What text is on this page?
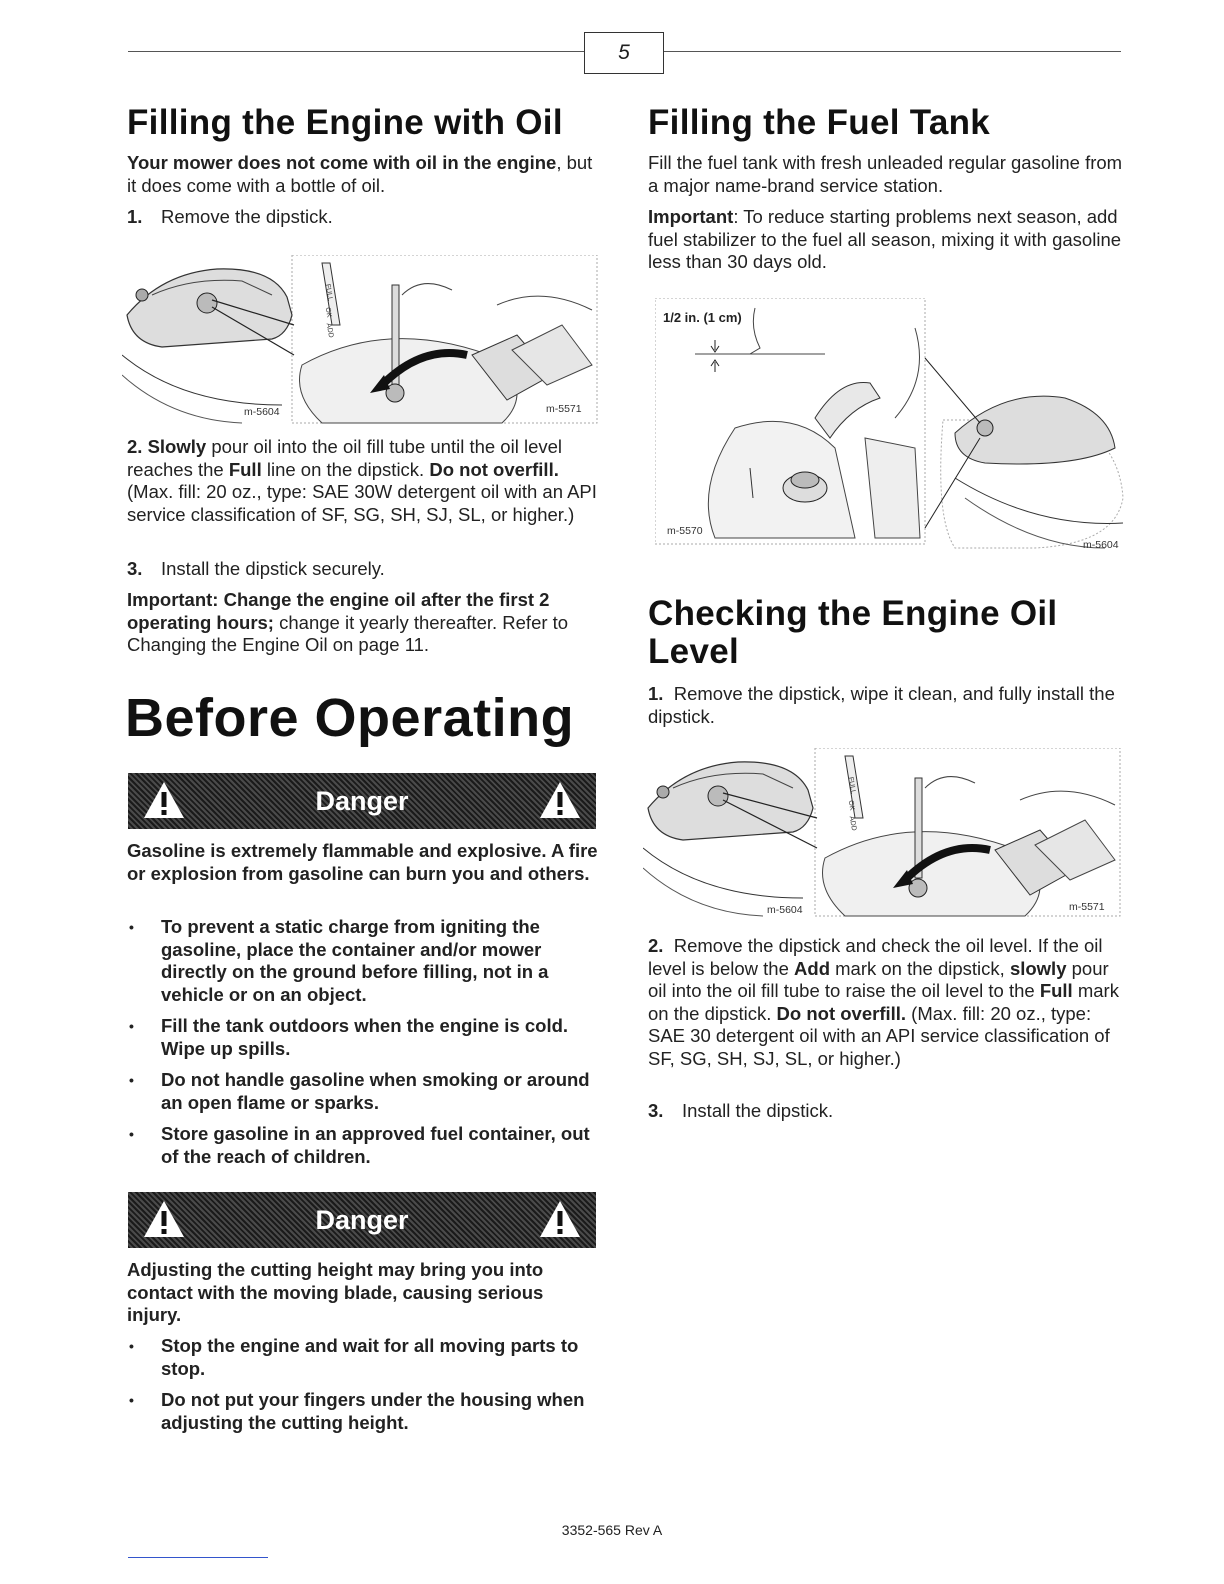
5
Filling the Engine with Oil

Your mower does not come with oil in the engine, but it does come with a bottle of oil.

1. Remove the dipstick.

FULL
OK
ADD
m-5604	m-5571

2. Slowly pour oil into the oil fill tube until the oil level reaches the Full line on the dipstick. Do not overfill. (Max. fill: 20 oz., type: SAE 30W detergent oil with an API service classification of SF, SG, SH, SJ, SL, or higher.)

3. Install the dipstick securely.

Important: Change the engine oil after the first 2 operating hours; change it yearly thereafter. Refer to Changing the Engine Oil on page 11.

Before Operating
Danger

Gasoline is extremely flammable and explosive. A fire or explosion from gasoline can burn you and others.

• To prevent a static charge from igniting the gasoline, place the container and/or mower directly on the ground before filling, not in a vehicle or on an object.
• Fill the tank outdoors when the engine is cold. Wipe up spills.
• Do not handle gasoline when smoking or around an open flame or sparks.
• Store gasoline in an approved fuel container, out of the reach of children.
Danger

Adjusting the cutting height may bring you into contact with the moving blade, causing serious injury.

• Stop the engine and wait for all moving parts to stop.
• Do not put your fingers under the housing when adjusting the cutting height.
Filling the Fuel Tank

Fill the fuel tank with fresh unleaded regular gasoline from a major name-brand service station.

Important: To reduce starting problems next season, add fuel stabilizer to the fuel all season, mixing it with gasoline less than 30 days old.

1/2 in. (1 cm)
m-5570
m-5604
Checking the Engine Oil
Level

1. Remove the dipstick, wipe it clean, and fully install the dipstick.

FULL
OK
ADD
m-5604	m-5571

2. Remove the dipstick and check the oil level. If the oil level is below the Add mark on the dipstick, slowly pour oil into the oil fill tube to raise the oil level to the Full mark on the dipstick. Do not overfill. (Max. fill: 20 oz., type: SAE 30 detergent oil with an API service classification of SF, SG, SH, SJ, SL, or higher.)

3. Install the dipstick.

3352-565 Rev A
